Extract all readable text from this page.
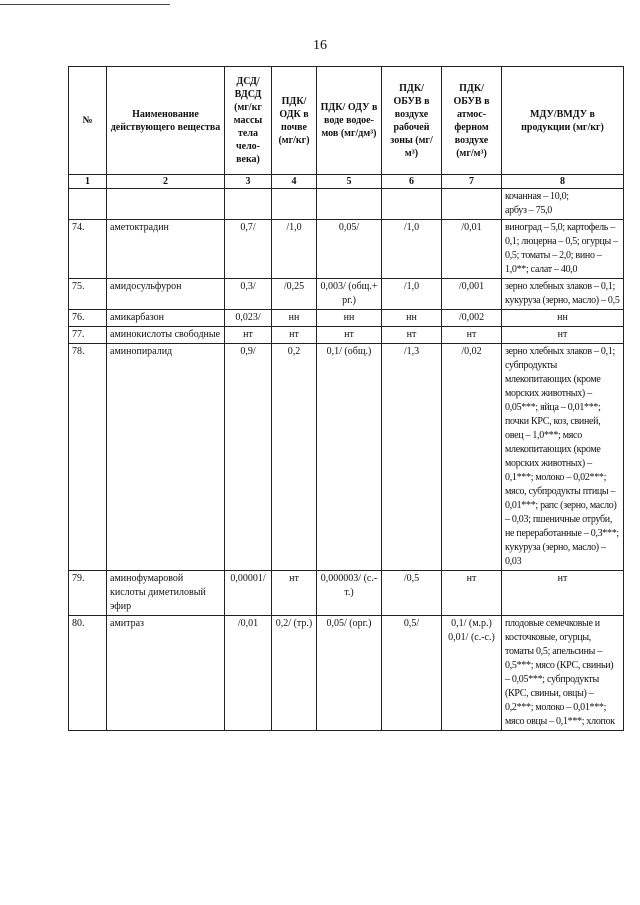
16
№	Наименование действующего вещества	ДСД/ ВДСД (мг/кг массы тела чело- века)	ПДК/ ОДК в почве (мг/кг)	ПДК/ ОДУ в воде водое- мов (мг/дм³)	ПДК/ ОБУВ в воздухе рабочей зоны (мг/м³)	ПДК/ ОБУВ в атмос- ферном воздухе (мг/м³)	МДУ/ВМДУ в продукции (мг/кг)
1	2	3	4	5	6	7	8
							кочанная – 10,0;
арбуз – 75,0
74.	аметоктрадин	0,7/	/1,0	0,05/	/1,0	/0,01	виноград – 5,0; картофель – 0,1; люцерна – 0,5; огурцы – 0,5; томаты – 2,0; вино – 1,0**; салат – 40,0
75.	амидосульфурон	0,3/	/0,25	0,003/ (общ.+ рг.)	/1,0	/0,001	зерно хлебных злаков – 0,1; кукуруза (зерно, масло) – 0,5
76.	амикарбазон	0,023/	нн	нн	нн	/0,002	нн
77.	аминокислоты свободные	нт	нт	нт	нт	нт	нт
78.	аминопиралид	0,9/	0,2	0,1/ (общ.)	/1,3	/0,02	зерно хлебных злаков – 0,1; субпродукты млекопитающих (кроме морских животных) – 0,05***; яйца – 0,01***; почки КРС, коз, свиней, овец – 1,0***; мясо млекопитающих (кроме морских животных) – 0,1***; молоко – 0,02***; мясо, субпродукты птицы – 0,01***; рапс (зерно, масло) – 0,03; пшеничные отруби, не переработанные – 0,3***; кукуруза (зерно, масло) – 0,03
79.	аминофумаровой кислоты диметиловый эфир	0,00001/	нт	0,000003/ (с.-т.)	/0,5	нт	нт
80.	амитраз	/0,01	0,2/ (тр.)	0,05/ (орг.)	0,5/	0,1/ (м.р.) 0,01/ (с.-с.)	плодовые семечковые и косточковые, огурцы, томаты 0,5; апельсины – 0,5***; мясо (КРС, свиньи) – 0,05***; субпродукты (КРС, свиньи, овцы) – 0,2***; молоко – 0,01***; мясо овцы – 0,1***; хлопок
